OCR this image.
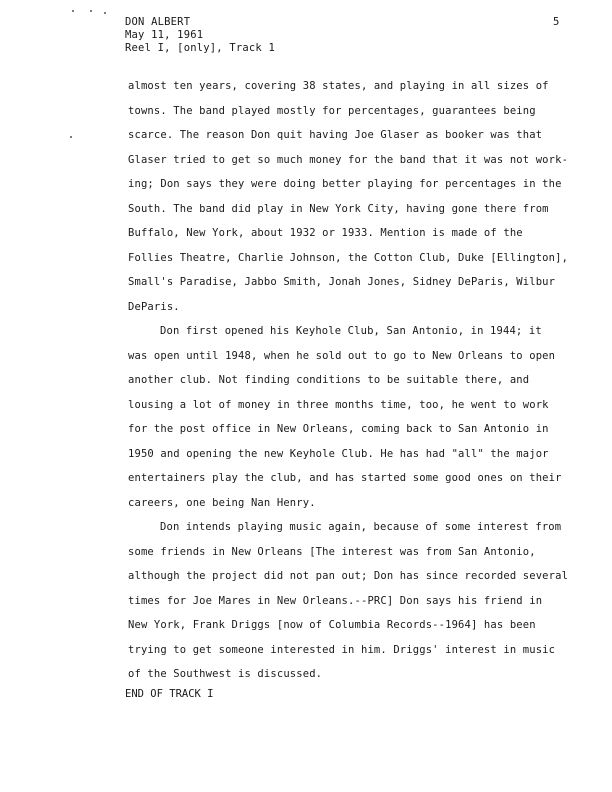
DON ALBERT
May 11, 1961
Reel I, [only], Track 1
5
almost ten years, covering 38 states, and playing in all sizes of
towns. The band played mostly for percentages, guarantees being
scarce. The reason Don quit having Joe Glaser as booker was that
Glaser tried to get so much money for the band that it was not work-
ing; Don says they were doing better playing for percentages in the
South. The band did play in New York City, having gone there from
Buffalo, New York, about 1932 or 1933. Mention is made of the
Follies Theatre, Charlie Johnson, the Cotton Club, Duke [Ellington],
Small's Paradise, Jabbo Smith, Jonah Jones, Sidney DeParis, Wilbur
DeParis.
Don first opened his Keyhole Club, San Antonio, in 1944; it
was open until 1948, when he sold out to go to New Orleans to open
another club. Not finding conditions to be suitable there, and
lousing a lot of money in three months time, too, he went to work
for the post office in New Orleans, coming back to San Antonio in
1950 and opening the new Keyhole Club. He has had "all" the major
entertainers play the club, and has started some good ones on their
careers, one being Nan Henry.
Don intends playing music again, because of some interest from
some friends in New Orleans [The interest was from San Antonio,
although the project did not pan out; Don has since recorded several
times for Joe Mares in New Orleans.--PRC] Don says his friend in
New York, Frank Driggs [now of Columbia Records--1964] has been
trying to get someone interested in him. Driggs' interest in music
of the Southwest is discussed.
END OF TRACK I
